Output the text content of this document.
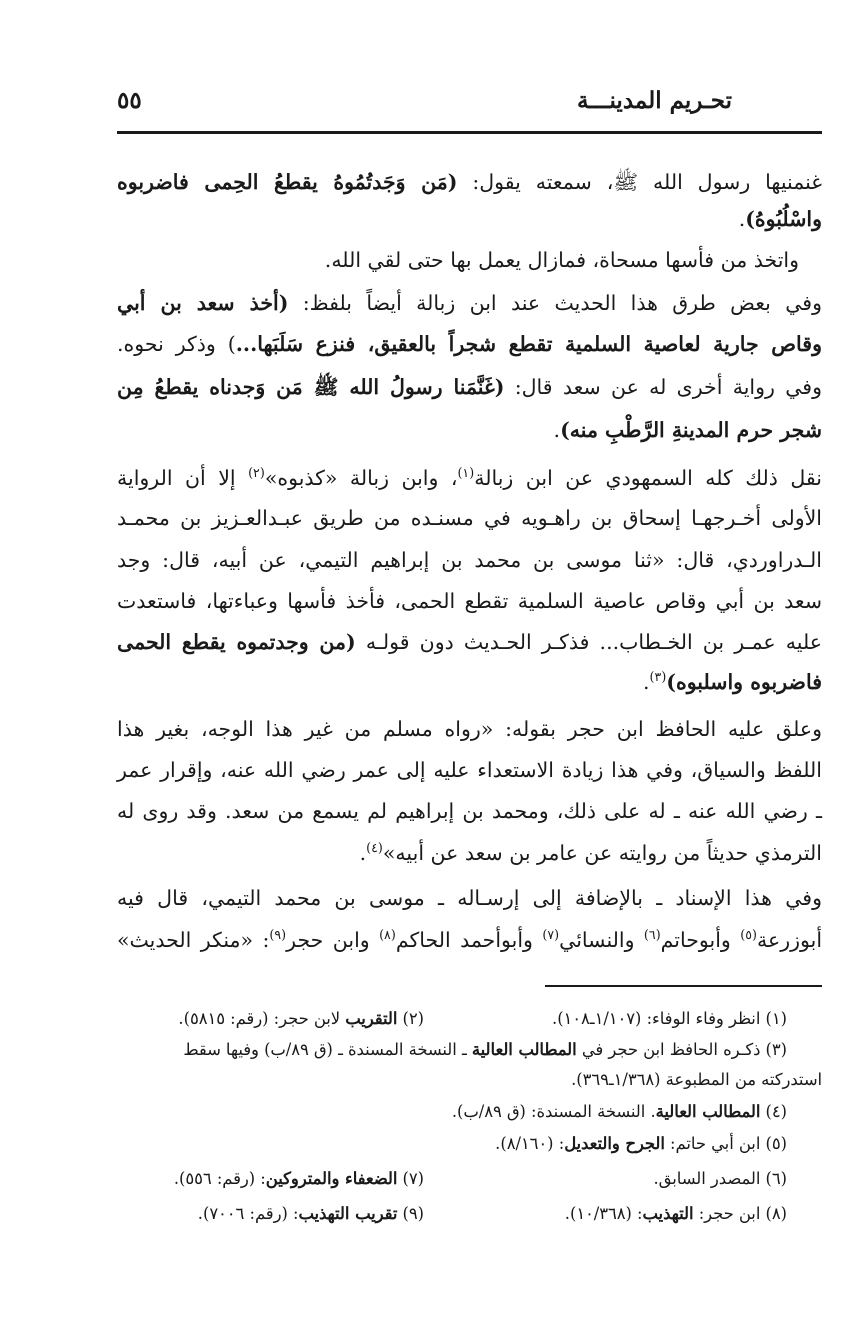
تحـريم المدينـــة
٥٥
غنمنيها رسول الله ﷺ، سمعته يقول: (مَن وَجَدتُمُوهُ يقطعُ الحِمى فاضربوه
واسْلُبُوهُ).
واتخذ من فأسها مسحاة، فمازال يعمل بها حتى لقي الله.
وفي بعض طرق هذا الحديث عند ابن زبالة أيضاً بلفظ: (أخذ سعد بن أبي
وقاص جارية لعاصية السلمية تقطع شجراً بالعقيق، فنزع سَلَبَها...) وذكر نحوه.
وفي رواية أخرى له عن سعد قال: (غَنَّمَنا رسولُ الله ﷺ مَن وَجدناه يقطعُ مِن
شجر حرم المدينةِ الرَّطْبِ منه).
نقل ذلك كله السمهودي عن ابن زبالة$^{(١)}$، وابن زبالة «كذبوه»$^{(٢)}$ إلا أن الرواية
الأولى أخـرجهـا إسحاق بن راهـويه في مسنـده من طريق عبـدالعـزيز بن محمـد
الـدراوردي، قال: «ثنا موسى بن محمد بن إبراهيم التيمي، عن أبيه، قال: وجد
سعد بن أبي وقاص عاصية السلمية تقطع الحمى، فأخذ فأسها وعباءتها، فاستعدت
عليه عمـر بن الخـطاب... فذكـر الحـديث دون قولـه (من وجدتموه يقطع الحمى
فاضربوه واسلبوه)$^{(٣)}$.
وعلق عليه الحافظ ابن حجر بقوله: «رواه مسلم من غير هذا الوجه، بغير هذا
اللفظ والسياق، وفي هذا زيادة الاستعداء عليه إلى عمر رضي الله عنه، وإقرار عمر
ـ رضي الله عنه ـ له على ذلك، ومحمد بن إبراهيم لم يسمع من سعد. وقد روى له
الترمذي حديثاً من روايته عن عامر بن سعد عن أبيه»$^{(٤)}$.
وفي هذا الإسناد ـ بالإضافة إلى إرسـاله ـ موسى بن محمد التيمي، قال فيه
أبوزرعة$^{(٥)}$ وأبوحاتم$^{(٦)}$ والنسائي$^{(٧)}$ وأبوأحمد الحاكم$^{(٨)}$ وابن حجر$^{(٩)}$: «منكر الحديث»
(١) انظر وفاء الوفاء: (١/١٠٧ـ١٠٨).
(٢) التقريب لابن حجر: (رقم: ٥٨١٥).
(٣) ذكـره الحافظ ابن حجر في المطالب العالية ـ النسخة المسندة ـ (ق ٨٩/ب) وفيها سقط
استدركته من المطبوعة (١/٣٦٨ـ٣٦٩).
(٤) المطالب العالية. النسخة المسندة: (ق ٨٩/ب).
(٥) ابن أبي حاتم: الجرح والتعديل: (٨/١٦٠).
(٦) المصدر السابق.
(٧) الضعفاء والمتروكين: (رقم: ٥٥٦).
(٨) ابن حجر: التهذيب: (١٠/٣٦٨).
(٩) تقريب التهذيب: (رقم: ٧٠٠٦).
